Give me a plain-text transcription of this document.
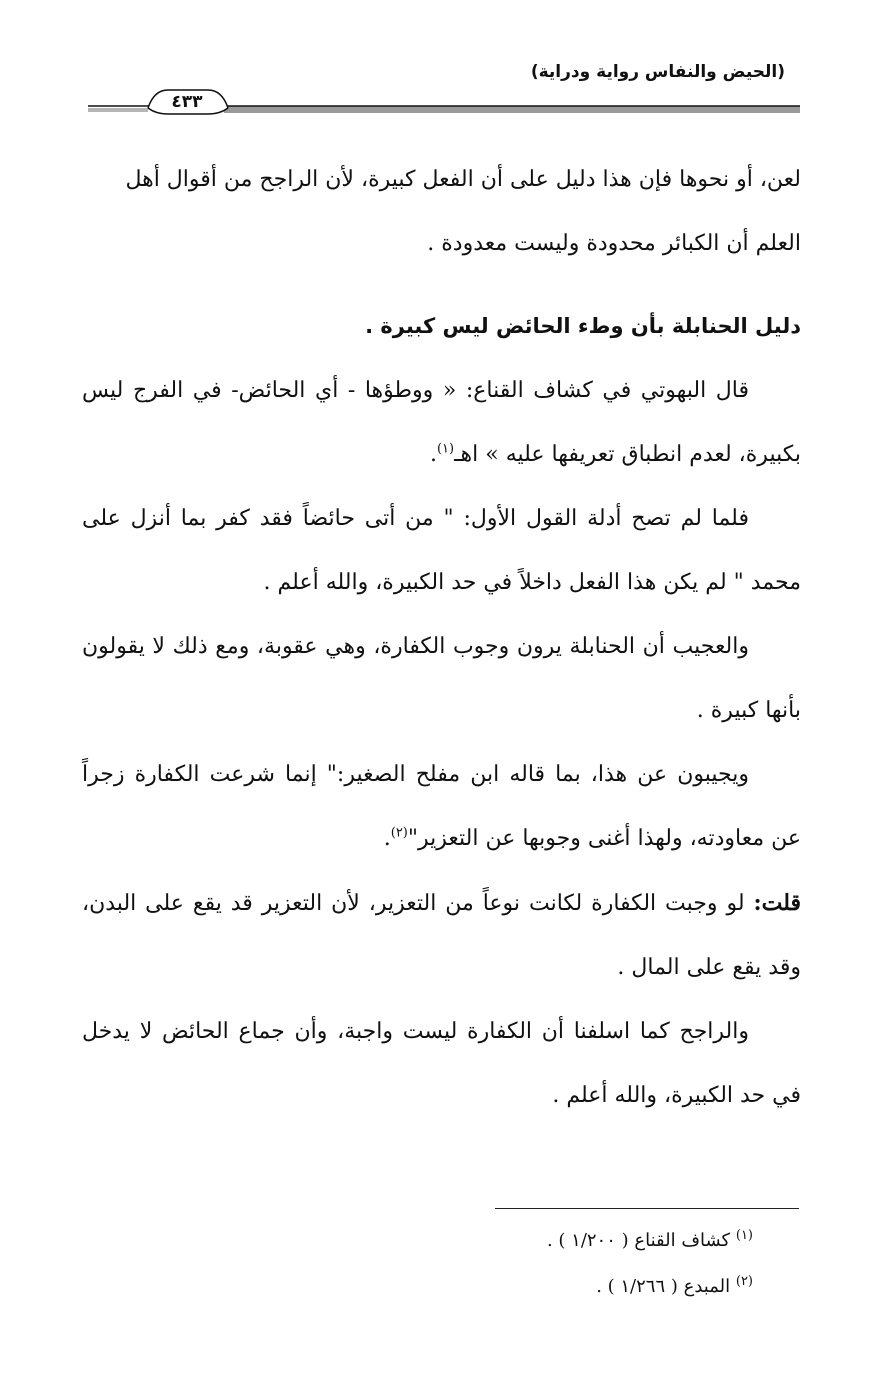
(الحيض والنفاس رواية ودراية)
٤٣٣

لعن، أو نحوها فإن هذا دليل على أن الفعل كبيرة، لأن الراجح من أقوال أهل
العلم أن الكبائر محدودة وليست معدودة .

دليل الحنابلة بأن وطء الحائض ليس كبيرة .

قال البهوتي في كشاف القناع: « ووطؤها - أي الحائض- في الفرج ليس بكبيرة، لعدم انطباق تعريفها عليه » اهـ$^{(١)}$.

فلما لم تصح أدلة القول الأول: " من أتى حائضاً فقد كفر بما أنزل على محمد " لم يكن هذا الفعل داخلاً في حد الكبيرة، والله أعلم .

والعجيب أن الحنابلة يرون وجوب الكفارة، وهي عقوبة، ومع ذلك لا يقولون بأنها كبيرة .

ويجيبون عن هذا، بما قاله ابن مفلح الصغير:" إنما شرعت الكفارة زجراً عن معاودته، ولهذا أغنى وجوبها عن التعزير"$^{(٢)}$.

قلت: لو وجبت الكفارة لكانت نوعاً من التعزير، لأن التعزير قد يقع على البدن، وقد يقع على المال .

والراجح كما اسلفنا أن الكفارة ليست واجبة، وأن جماع الحائض لا يدخل في حد الكبيرة، والله أعلم .

$^{(١)}$ كشاف القناع ( ١/٢٠٠ ) .
$^{(٢)}$ المبدع ( ١/٢٦٦ ) .
